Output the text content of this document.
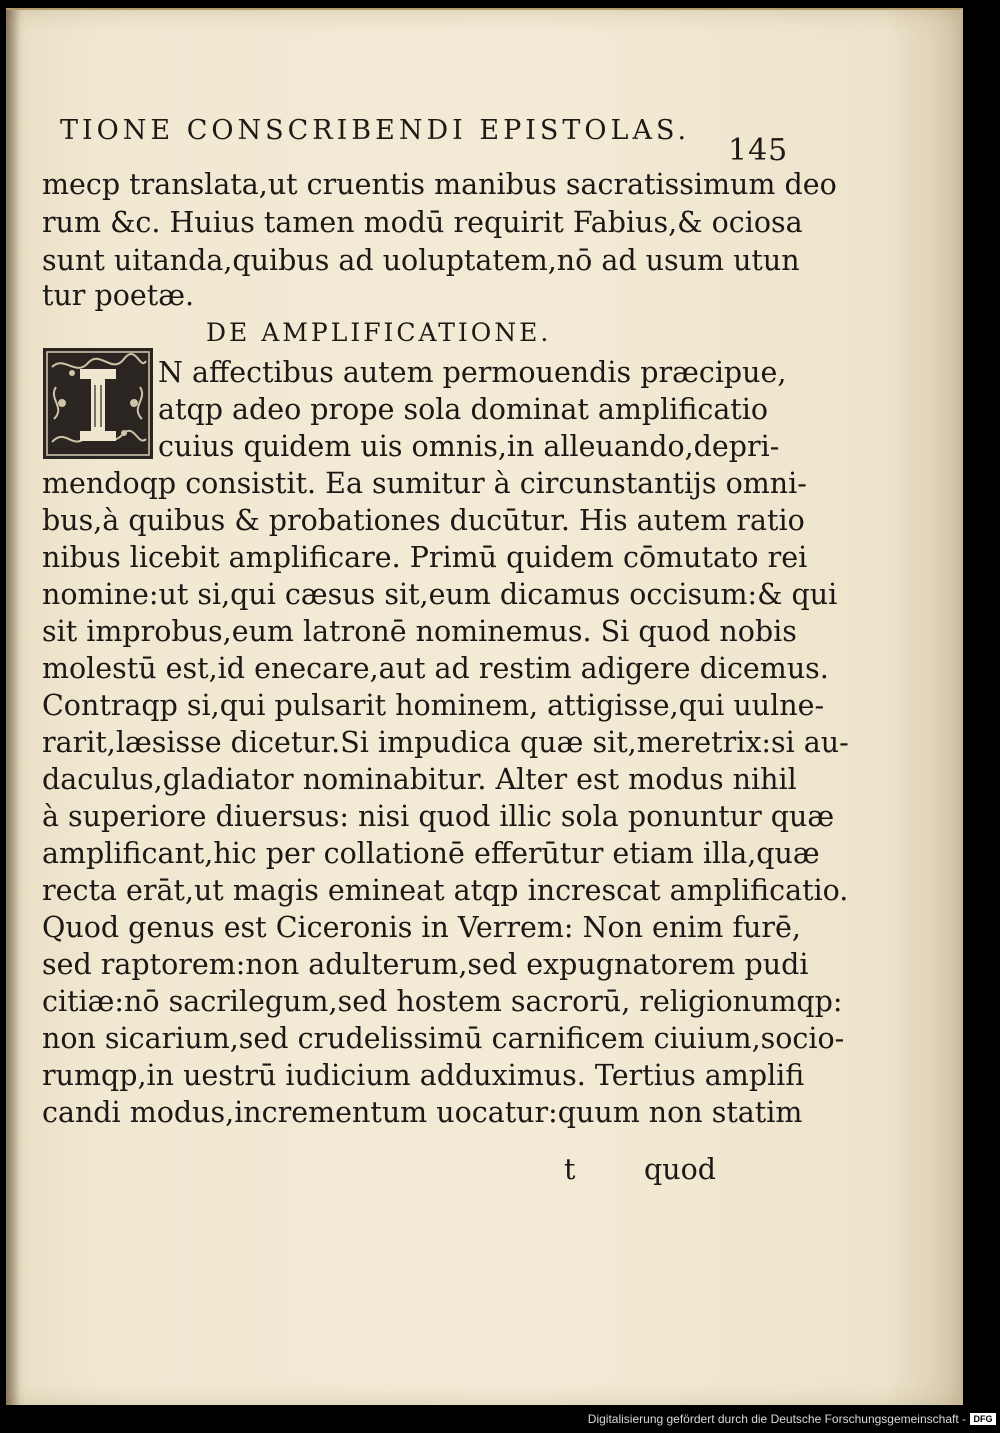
TIONE CONSCRIBENDI EPISTOLAS.
145
mecp translata,ut cruentis manibus sacratissimum deo
rum &c. Huius tamen modū requirit Fabius,& ociosa
sunt uitanda,quibus ad uoluptatem,nō ad usum utun
tur poetæ.
DE AMPLIFICATIONE.
N affectibus autem permouendis præcipue,
atqp adeo prope sola dominat amplificatio
cuius quidem uis omnis,in alleuando,depri-
mendoqp consistit. Ea sumitur à circunstantijs omni-
bus,à quibus & probationes ducūtur. His autem ratio
nibus licebit amplificare. Primū quidem cōmutato rei
nomine:ut si,qui cæsus sit,eum dicamus occisum:& qui
sit improbus,eum latronē nominemus. Si quod nobis
molestū est,id enecare,aut ad restim adigere dicemus.
Contraqp si,qui pulsarit hominem, attigisse,qui uulne-
rarit,læsisse dicetur.Si impudica quæ sit,meretrix:si au-
daculus,gladiator nominabitur. Alter est modus nihil
à superiore diuersus: nisi quod illic sola ponuntur quæ
amplificant,hic per collationē efferūtur etiam illa,quæ
recta erāt,ut magis emineat atqp increscat amplificatio.
Quod genus est Ciceronis in Verrem: Non enim furē,
sed raptorem:non adulterum,sed expugnatorem pudi
citiæ:nō sacrilegum,sed hostem sacrorū, religionumqp:
non sicarium,sed crudelissimū carnificem ciuium,socio-
rumqp,in uestrū iudicium adduximus. Tertius amplifi
candi modus,incrementum uocatur:quum non statim
t quod
Digitalisierung gefördert durch die Deutsche Forschungsgemeinschaft - DFG
